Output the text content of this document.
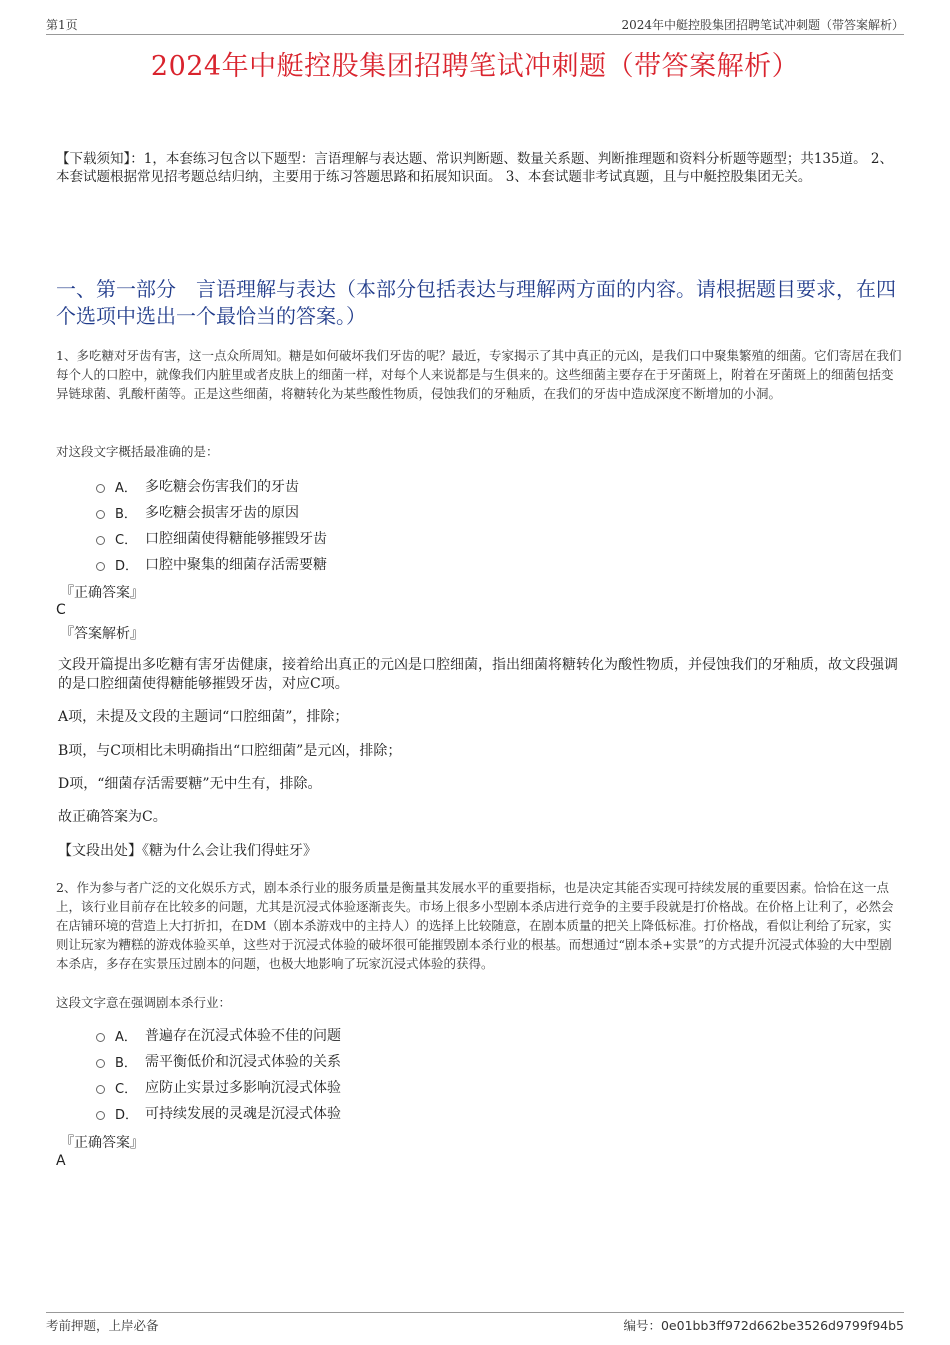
第1页	2024年中艇控股集团招聘笔试冲刺题（带答案解析）
2024年中艇控股集团招聘笔试冲刺题（带答案解析）
【下载须知】：1，本套练习包含以下题型：言语理解与表达题、常识判断题、数量关系题、判断推理题和资料分析题等题型；共135道。 2、本套试题根据常见招考题总结归纳，主要用于练习答题思路和拓展知识面。 3、本套试题非考试真题，且与中艇控股集团无关。
一、第一部分　言语理解与表达（本部分包括表达与理解两方面的内容。请根据题目要求，在四个选项中选出一个最恰当的答案。）
1、多吃糖对牙齿有害，这一点众所周知。糖是如何破坏我们牙齿的呢？最近，专家揭示了其中真正的元凶，是我们口中聚集繁殖的细菌。它们寄居在我们每个人的口腔中，就像我们内脏里或者皮肤上的细菌一样，对每个人来说都是与生俱来的。这些细菌主要存在于牙菌斑上，附着在牙菌斑上的细菌包括变异链球菌、乳酸杆菌等。正是这些细菌，将糖转化为某些酸性物质，侵蚀我们的牙釉质，在我们的牙齿中造成深度不断增加的小洞。
对这段文字概括最准确的是：
A． 多吃糖会伤害我们的牙齿
B． 多吃糖会损害牙齿的原因
C． 口腔细菌使得糖能够摧毁牙齿
D． 口腔中聚集的细菌存活需要糖
『正确答案』
C
『答案解析』
文段开篇提出多吃糖有害牙齿健康，接着给出真正的元凶是口腔细菌，指出细菌将糖转化为酸性物质，并侵蚀我们的牙釉质，故文段强调的是口腔细菌使得糖能够摧毁牙齿，对应C项。
A项，未提及文段的主题词“口腔细菌”，排除；
B项，与C项相比未明确指出“口腔细菌”是元凶，排除；
D项，“细菌存活需要糖”无中生有，排除。
故正确答案为C。
【文段出处】《糖为什么会让我们得蛀牙》
2、作为参与者广泛的文化娱乐方式，剧本杀行业的服务质量是衡量其发展水平的重要指标，也是决定其能否实现可持续发展的重要因素。恰恰在这一点上，该行业目前存在比较多的问题，尤其是沉浸式体验逐渐丧失。市场上很多小型剧本杀店进行竞争的主要手段就是打价格战。在价格上让利了，必然会在店铺环境的营造上大打折扣，在DM（剧本杀游戏中的主持人）的选择上比较随意，在剧本质量的把关上降低标准。打价格战，看似让利给了玩家，实则让玩家为糟糕的游戏体验买单，这些对于沉浸式体验的破坏很可能摧毁剧本杀行业的根基。而想通过“剧本杀+实景”的方式提升沉浸式体验的大中型剧本杀店，多存在实景压过剧本的问题，也极大地影响了玩家沉浸式体验的获得。
这段文字意在强调剧本杀行业：
A． 普遍存在沉浸式体验不佳的问题
B． 需平衡低价和沉浸式体验的关系
C． 应防止实景过多影响沉浸式体验
D． 可持续发展的灵魂是沉浸式体验
『正确答案』
A
考前押题，上岸必备	编号：0e01bb3ff972d662be3526d9799f94b5
